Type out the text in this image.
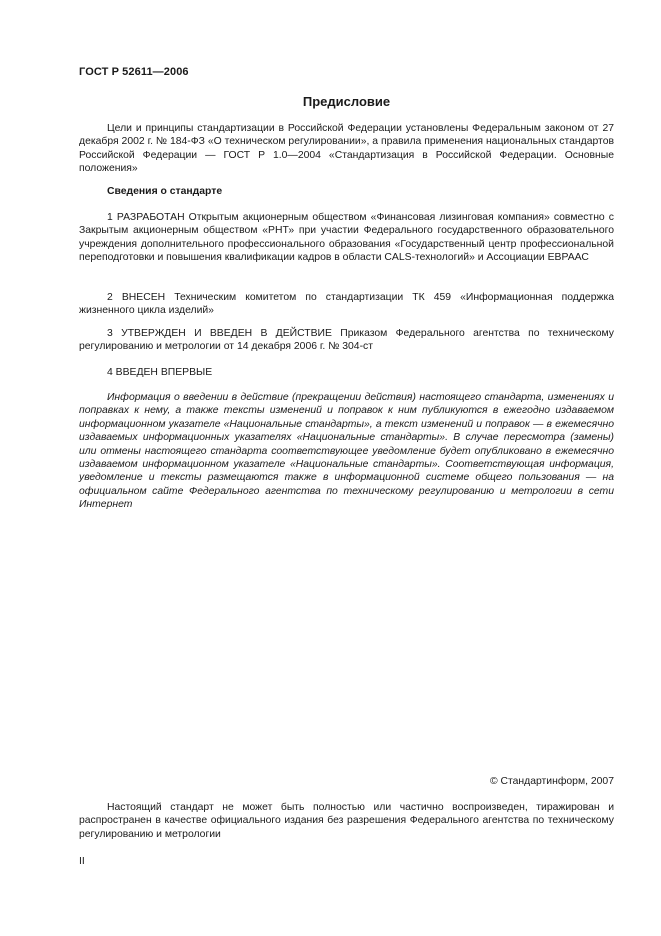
ГОСТ Р 52611—2006
Предисловие

Цели и принципы стандартизации в Российской Федерации установлены Федеральным законом от 27 декабря 2002 г. № 184-ФЗ «О техническом регулировании», а правила применения национальных стандартов Российской Федерации — ГОСТ Р 1.0—2004 «Стандартизация в Российской Федерации. Основные положения»

Сведения о стандарте

1 РАЗРАБОТАН Открытым акционерным обществом «Финансовая лизинговая компания» совместно с Закрытым акционерным обществом «РНТ» при участии Федерального государственного образовательного учреждения дополнительного профессионального образования «Государственный центр профессиональной переподготовки и повышения квалификации кадров в области CALS-технологий» и Ассоциации ЕВРААС

2 ВНЕСЕН Техническим комитетом по стандартизации ТК 459 «Информационная поддержка жизненного цикла изделий»

3 УТВЕРЖДЕН И ВВЕДЕН В ДЕЙСТВИЕ Приказом Федерального агентства по техническому регулированию и метрологии от 14 декабря 2006 г. № 304-ст

4 ВВЕДЕН ВПЕРВЫЕ

Информация о введении в действие (прекращении действия) настоящего стандарта, изменениях и поправках к нему, а также тексты изменений и поправок к ним публикуются в ежегодно издаваемом информационном указателе «Национальные стандарты», а текст изменений и поправок — в ежемесячно издаваемых информационных указателях «Национальные стандарты». В случае пересмотра (замены) или отмены настоящего стандарта соответствующее уведомление будет опубликовано в ежемесячно издаваемом информационном указателе «Национальные стандарты». Соответствующая информация, уведомление и тексты размещаются также в информационной системе общего пользования — на официальном сайте Федерального агентства по техническому регулированию и метрологии в сети Интернет

© Стандартинформ, 2007

Настоящий стандарт не может быть полностью или частично воспроизведен, тиражирован и распространен в качестве официального издания без разрешения Федерального агентства по техническому регулированию и метрологии

II
